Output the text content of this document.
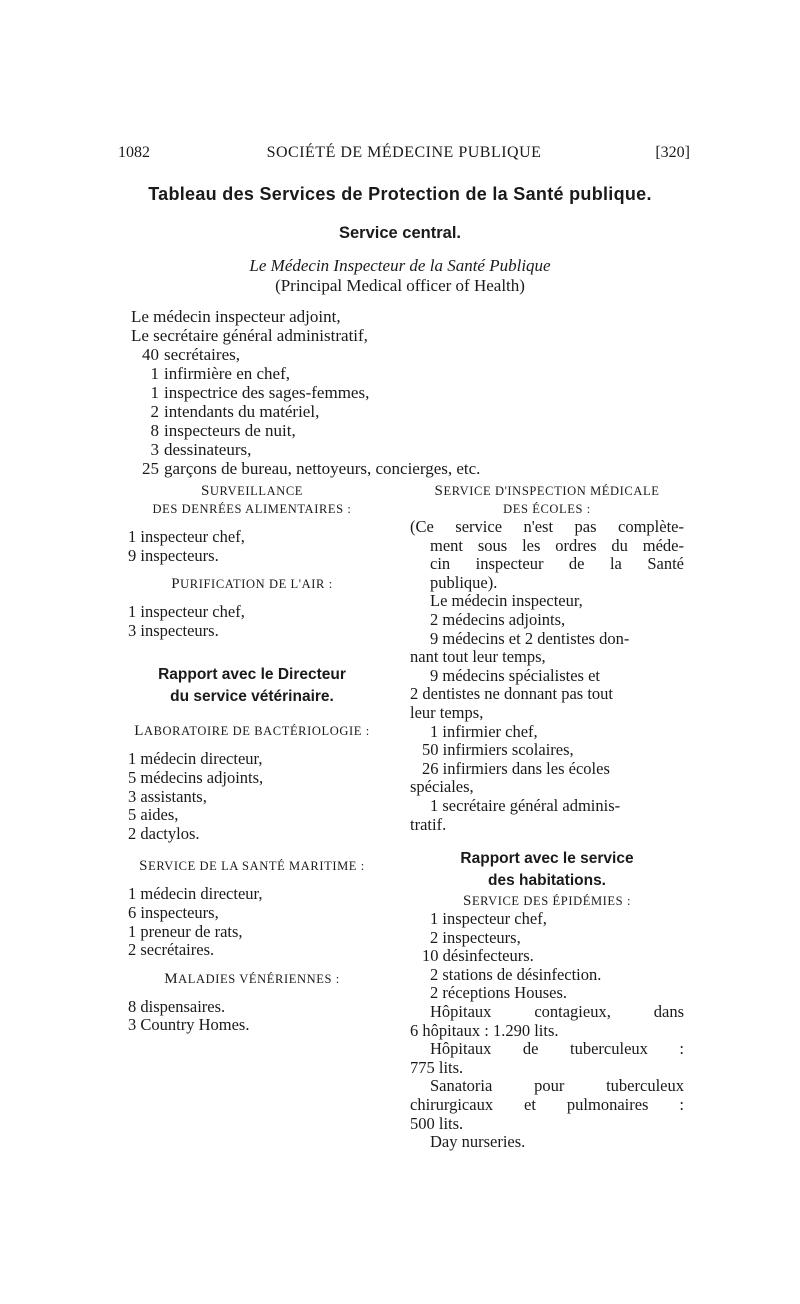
1082	SOCIÉTÉ DE MÉDECINE PUBLIQUE	[320]
Tableau des Services de Protection de la Santé publique.
Service central.
Le Médecin Inspecteur de la Santé Publique
(Principal Medical officer of Health)
Le médecin inspecteur adjoint,
Le secrétaire général administratif,
40 secrétaires,
1 infirmière en chef,
1 inspectrice des sages-femmes,
2 intendants du matériel,
8 inspecteurs de nuit,
3 dessinateurs,
25 garçons de bureau, nettoyeurs, concierges, etc.
SURVEILLANCE
DES DENRÉES ALIMENTAIRES :
1 inspecteur chef,
9 inspecteurs.
PURIFICATION DE L'AIR :
1 inspecteur chef,
3 inspecteurs.
Rapport avec le Directeur
du service vétérinaire.
LABORATOIRE DE BACTÉRIOLOGIE :
1 médecin directeur,
5 médecins adjoints,
3 assistants,
5 aides,
2 dactylos.
SERVICE DE LA SANTÉ MARITIME :
1 médecin directeur,
6 inspecteurs,
1 preneur de rats,
2 secrétaires.
MALADIES VÉNÉRIENNES :
8 dispensaires.
3 Country Homes.
SERVICE D'INSPECTION MÉDICALE
DES ÉCOLES :
(Ce service n'est pas complète-
ment sous les ordres du méde-
cin inspecteur de la Santé
publique).
Le médecin inspecteur,
2 médecins adjoints,
9 médecins et 2 dentistes don-
nant tout leur temps,
9 médecins spécialistes et
2 dentistes ne donnant pas tout
leur temps,
1 infirmier chef,
50 infirmiers scolaires,
26 infirmiers dans les écoles
spéciales,
1 secrétaire général adminis-
tratif.
Rapport avec le service
des habitations.
SERVICE DES ÉPIDÉMIES :
1 inspecteur chef,
2 inspecteurs,
10 désinfecteurs.
2 stations de désinfection.
2 réceptions Houses.
Hôpitaux contagieux, dans
6 hôpitaux : 1.290 lits.
Hôpitaux de tuberculeux :
775 lits.
Sanatoria pour tuberculeux
chirurgicaux et pulmonaires :
500 lits.
Day nurseries.
